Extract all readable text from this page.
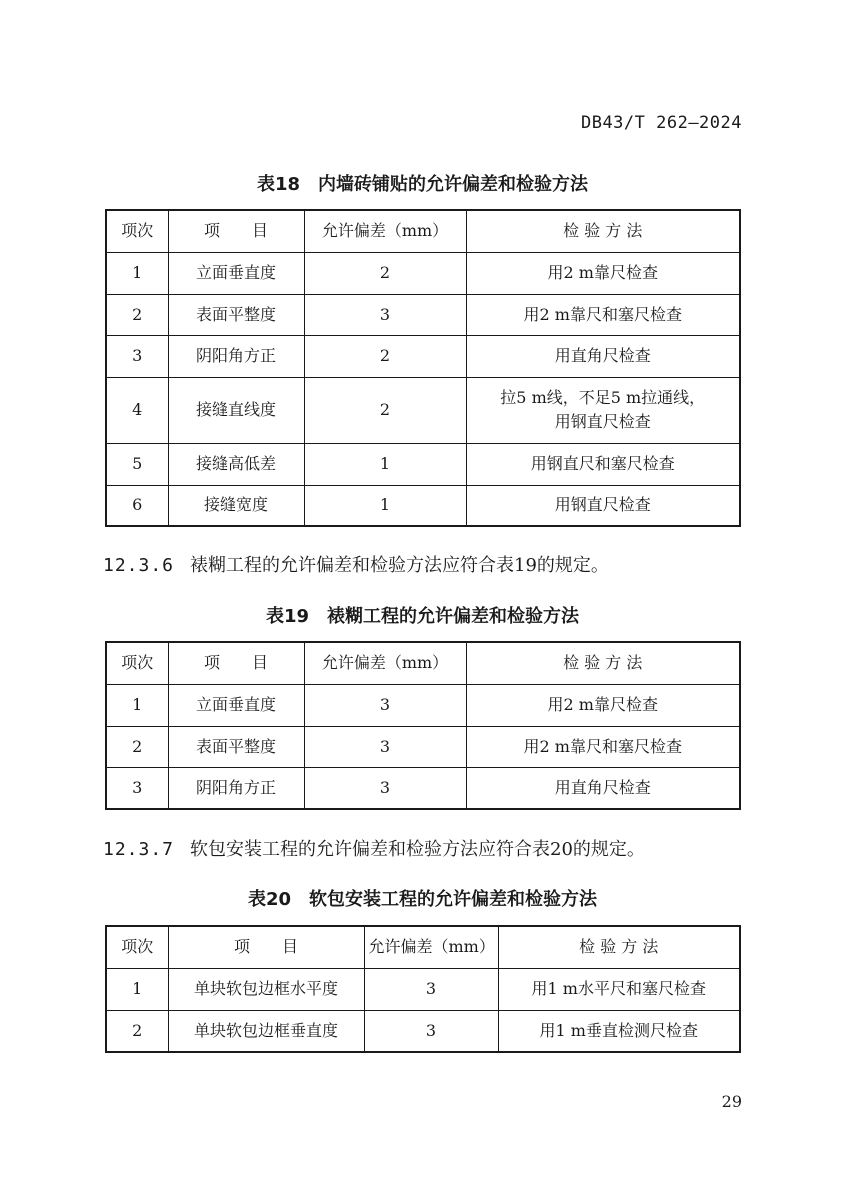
DB43/T 262—2024
表18　内墙砖铺贴的允许偏差和检验方法
项次	项　　目	允许偏差（mm）	检 验 方 法
1	立面垂直度	2	用2 m靠尺检查
2	表面平整度	3	用2 m靠尺和塞尺检查
3	阴阳角方正	2	用直角尺检查
4	接缝直线度	2	拉5 m线，不足5 m拉通线，
用钢直尺检查

5	接缝高低差	1	用钢直尺和塞尺检查
6	接缝宽度	1	用钢直尺检查
12.3.6 裱糊工程的允许偏差和检验方法应符合表19的规定。
表19　裱糊工程的允许偏差和检验方法
项次	项　　目	允许偏差（mm）	检 验 方 法
1	立面垂直度	3	用2 m靠尺检查
2	表面平整度	3	用2 m靠尺和塞尺检查
3	阴阳角方正	3	用直角尺检查
12.3.7 软包安装工程的允许偏差和检验方法应符合表20的规定。
表20　软包安装工程的允许偏差和检验方法
项次	项　　目	允许偏差（mm）	检 验 方 法
1	单块软包边框水平度	3	用1 m水平尺和塞尺检查
2	单块软包边框垂直度	3	用1 m垂直检测尺检查
29
